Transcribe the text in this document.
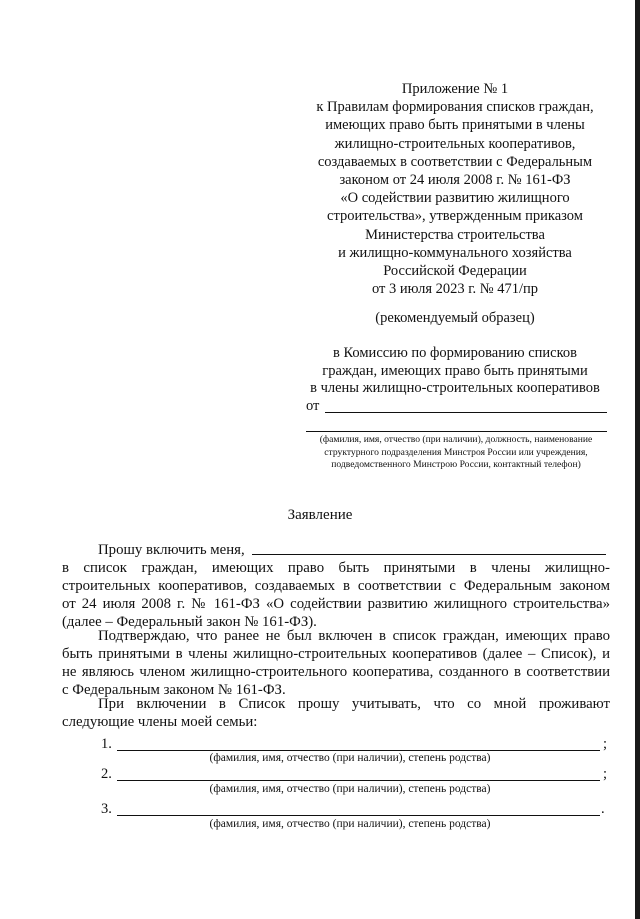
Приложение № 1
к Правилам формирования списков граждан,
имеющих право быть принятыми в члены
жилищно-строительных кооперативов,
создаваемых в соответствии с Федеральным
законом от 24 июля 2008 г. № 161-ФЗ
«О содействии развитию жилищного
строительства», утвержденным приказом
Министерства строительства
и жилищно-коммунального хозяйства
Российской Федерации
от 3 июля 2023 г. № 471/пр
(рекомендуемый образец)
в Комиссию по формированию списков
граждан, имеющих право быть принятыми
в члены жилищно-строительных кооперативов
от
(фамилия, имя, отчество (при наличии), должность, наименование
структурного подразделения Минстроя России или учреждения,
подведомственного Минстрою России, контактный телефон)
Заявление
Прошу включить меня,
в список граждан, имеющих право быть принятыми в члены жилищно-
строительных кооперативов, создаваемых в соответствии с Федеральным законом
от 24 июля 2008 г. № 161-ФЗ «О содействии развитию жилищного строительства»
(далее – Федеральный закон № 161-ФЗ).
Подтверждаю, что ранее не был включен в список граждан, имеющих право
быть принятыми в члены жилищно-строительных кооперативов (далее – Список), и
не являюсь членом жилищно-строительного кооператива, созданного в соответствии
с Федеральным законом № 161-ФЗ.
При включении в Список прошу учитывать, что со мной проживают
следующие члены моей семьи:
1.	;
(фамилия, имя, отчество (при наличии), степень родства)
2.	;
(фамилия, имя, отчество (при наличии), степень родства)
3.	.
(фамилия, имя, отчество (при наличии), степень родства)
